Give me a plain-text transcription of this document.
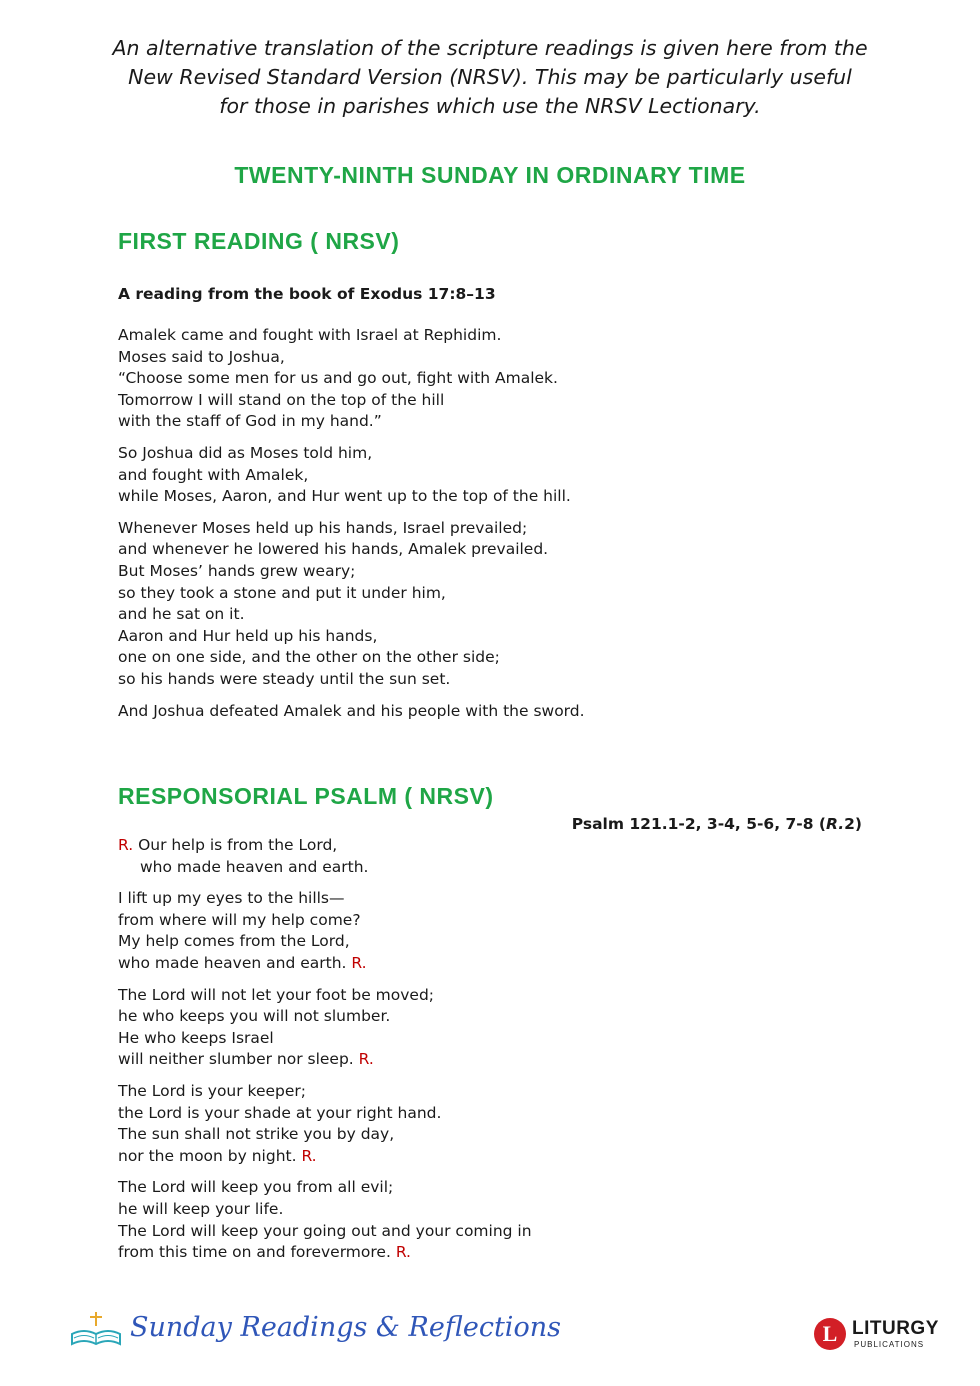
An alternative translation of the scripture readings is given here from the
New Revised Standard Version (NRSV). This may be particularly useful
for those in parishes which use the NRSV Lectionary.
TWENTY-NINTH SUNDAY IN ORDINARY TIME
FIRST READING ( NRSV)
A reading from the book of Exodus 17:8–13
Amalek came and fought with Israel at Rephidim.
Moses said to Joshua,
“Choose some men for us and go out, fight with Amalek.
Tomorrow I will stand on the top of the hill
with the staff of God in my hand.”
So Joshua did as Moses told him,
and fought with Amalek,
while Moses, Aaron, and Hur went up to the top of the hill.
Whenever Moses held up his hands, Israel prevailed;
and whenever he lowered his hands, Amalek prevailed.
But Moses’ hands grew weary;
so they took a stone and put it under him,
and he sat on it.
Aaron and Hur held up his hands,
one on one side, and the other on the other side;
so his hands were steady until the sun set.
And Joshua defeated Amalek and his people with the sword.
RESPONSORIAL PSALM ( NRSV)
Psalm 121.1-2, 3-4, 5-6, 7-8 (R.2)
R. Our help is from the Lord,
who made heaven and earth.
I lift up my eyes to the hills—
from where will my help come?
My help comes from the Lord,
who made heaven and earth. R.
The Lord will not let your foot be moved;
he who keeps you will not slumber.
He who keeps Israel
will neither slumber nor sleep. R.
The Lord is your keeper;
the Lord is your shade at your right hand.
The sun shall not strike you by day,
nor the moon by night. R.
The Lord will keep you from all evil;
he will keep your life.
The Lord will keep your going out and your coming in
from this time on and forevermore. R.
Sunday Readings & Reflections	L LITURGY
PUBLICATIONS
